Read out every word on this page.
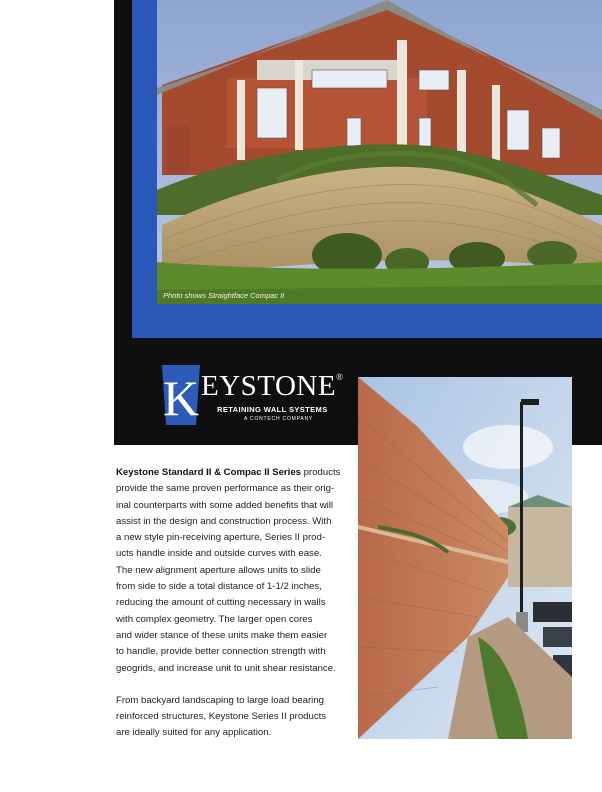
Photo shows Straightface Compac II
K EYSTONE®
RETAINING WALL SYSTEMS
A CONTECH COMPANY

Keystone Standard II & Compac II Series products
provide the same proven performance as their orig-
inal counterparts with some added benefits that will
assist in the design and construction process. With
a new style pin-receiving aperture, Series II prod-
ucts handle inside and outside curves with ease.
The new alignment aperture allows units to slide
from side to side a total distance of 1-1/2 inches,
reducing the amount of cutting necessary in walls
with complex geometry. The larger open cores
and wider stance of these units make them easier
to handle, provide better connection strength with
geogrids, and increase unit to unit shear resistance.

From backyard landscaping to large load bearing
reinforced structures, Keystone Series II products
are ideally suited for any application.
